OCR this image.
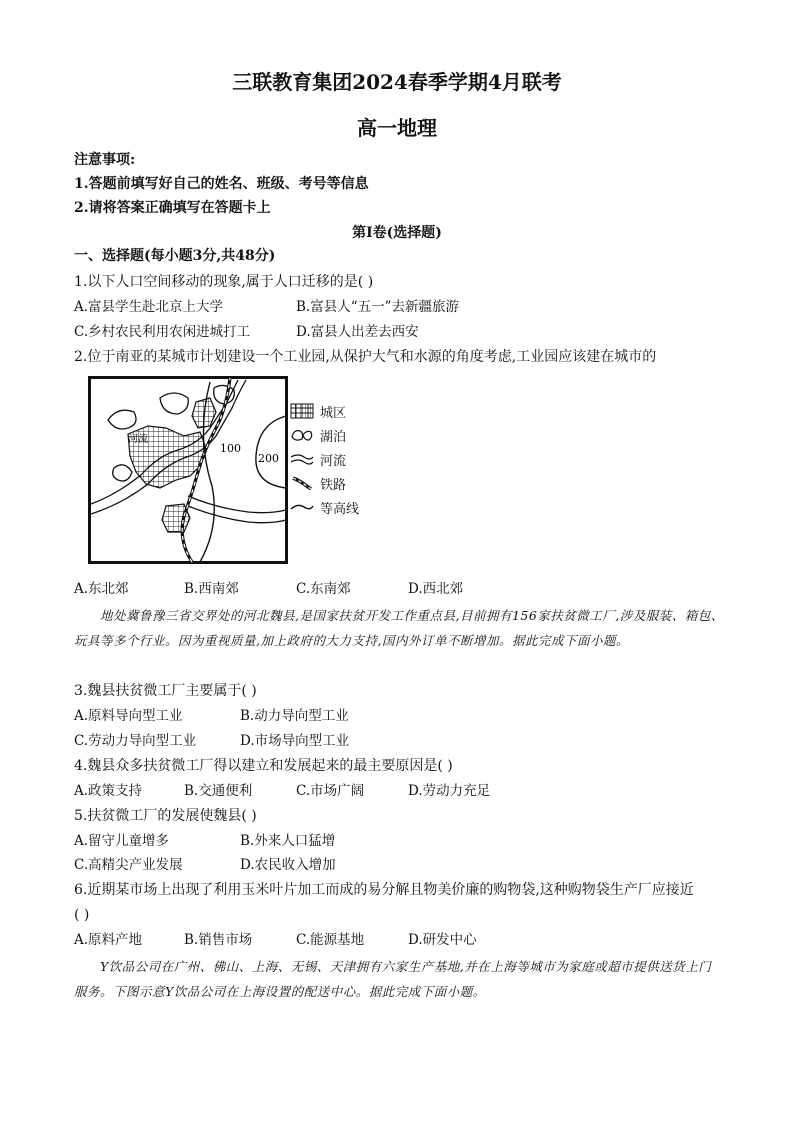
三联教育集团2024春季学期4月联考
高一地理
注意事项:
1.答题前填写好自己的姓名、班级、考号等信息
2.请将答案正确填写在答题卡上
第I卷(选择题)
一、选择题(每小题3分,共48分)
1.以下人口空间移动的现象,属于人口迁移的是( )
A.富县学生赴北京上大学	B.富县人“五一”去新疆旅游
C.乡村农民利用农闲进城打工	D.富县人出差去西安
2.位于南亚的某城市计划建设一个工业园,从保护大气和水源的角度考虑,工业园应该建在城市的
100
200
河流
城区
湖泊
河流
铁路
等高线
A.东北郊	B.西南郊	C.东南郊	D.西北郊
地处冀鲁豫三省交界处的河北魏县,是国家扶贫开发工作重点县,目前拥有156家扶贫微工厂,涉及服装、箱包、玩具等多个行业。因为重视质量,加上政府的大力支持,国内外订单不断增加。据此完成下面小题。
3.魏县扶贫微工厂主要属于( )
A.原料导向型工业	B.动力导向型工业
C.劳动力导向型工业	D.市场导向型工业
4.魏县众多扶贫微工厂得以建立和发展起来的最主要原因是( )
A.政策支持	B.交通便利	C.市场广阔	D.劳动力充足
5.扶贫微工厂的发展使魏县( )
A.留守儿童增多	B.外来人口猛增
C.高精尖产业发展	D.农民收入增加
6.近期某市场上出现了利用玉米叶片加工而成的易分解且物美价廉的购物袋,这种购物袋生产厂应接近
( )
A.原料产地	B.销售市场	C.能源基地	D.研发中心
Y饮品公司在广州、佛山、上海、无锡、天津拥有六家生产基地,并在上海等城市为家庭或超市提供送货上门服务。下图示意Y饮品公司在上海设置的配送中心。据此完成下面小题。
